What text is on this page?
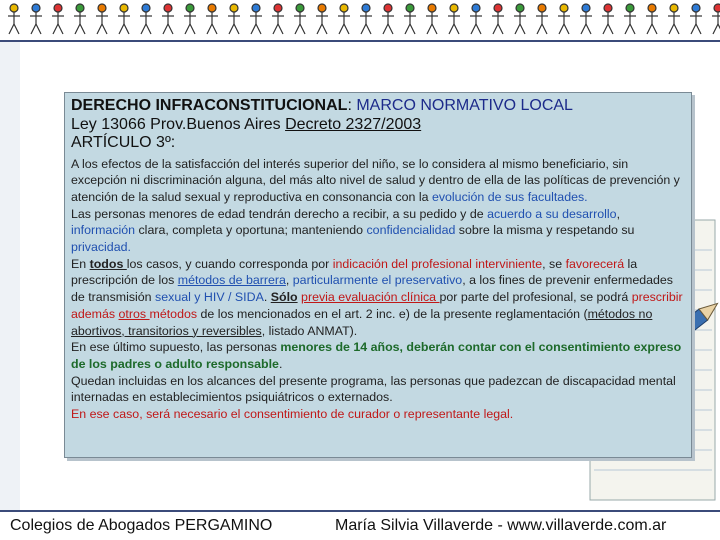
DERECHO INFRACONSTITUCIONAL: MARCO NORMATIVO LOCAL
Ley 13066 Prov.Buenos Aires Decreto 2327/2003
ARTÍCULO 3º:

A los efectos de la satisfacción del interés superior del niño, se lo considera al mismo beneficiario, sin excepción ni discriminación alguna, del más alto nivel de salud y dentro de ella de las políticas de prevención y atención de la salud sexual y reproductiva en consonancia con la evolución de sus facultades.

Las personas menores de edad tendrán derecho a recibir, a su pedido y de acuerdo a su desarrollo, información clara, completa y oportuna; manteniendo confidencialidad sobre la misma y respetando su privacidad.

En todos los casos, y cuando corresponda por indicación del profesional interviniente, se favorecerá la prescripción de los métodos de barrera, particularmente el preservativo, a los fines de prevenir enfermedades de transmisión sexual y HIV / SIDA. Sólo previa evaluación clínica por parte del profesional, se podrá prescribir además otros métodos de los mencionados en el art. 2 inc. e) de la presente reglamentación (métodos no abortivos, transitorios y reversibles, listado ANMAT).

En ese último supuesto, las personas menores de 14 años, deberán contar con el consentimiento expreso de los padres o adulto responsable.

Quedan incluidas en los alcances del presente programa, las personas que padezcan de discapacidad mental internadas en establecimientos psiquiátricos o externados.

En ese caso, será necesario el consentimiento de curador o representante legal.

Colegios de Abogados PERGAMINO	María Silvia Villaverde - www.villaverde.com.ar
